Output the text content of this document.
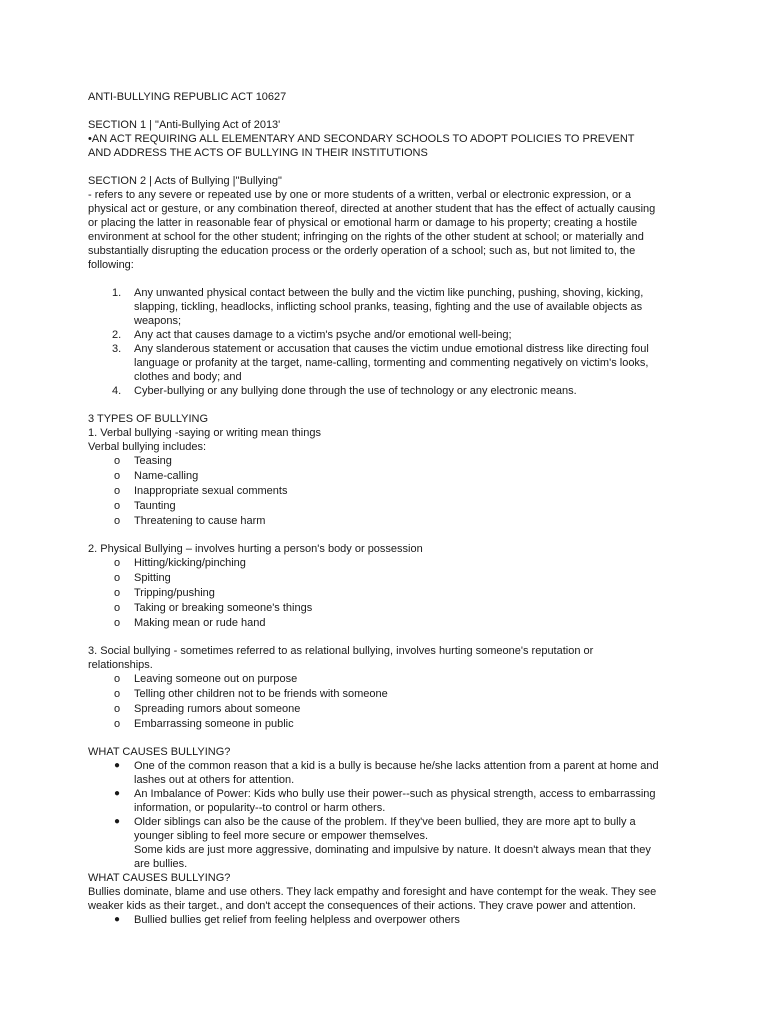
ANTI-BULLYING REPUBLIC ACT 10627
SECTION 1 | "Anti-Bullying Act of 2013'
•AN ACT REQUIRING ALL ELEMENTARY AND SECONDARY SCHOOLS TO ADOPT POLICIES TO PREVENT
AND ADDRESS THE ACTS OF BULLYING IN THEIR INSTITUTIONS
SECTION 2 | Acts of Bullying |"Bullying"
- refers to any severe or repeated use by one or more students of a written, verbal or electronic expression, or a
physical act or gesture, or any combination thereof, directed at another student that has the effect of actually causing
or placing the latter in reasonable fear of physical or emotional harm or damage to his property; creating a hostile
environment at school for the other student; infringing on the rights of the other student at school; or materially and
substantially disrupting the education process or the orderly operation of a school; such as, but not limited to, the
following:
1. Any unwanted physical contact between the bully and the victim like punching, pushing, shoving, kicking,
slapping, tickling, headlocks, inflicting school pranks, teasing, fighting and the use of available objects as
weapons;
2. Any act that causes damage to a victim's psyche and/or emotional well-being;
3. Any slanderous statement or accusation that causes the victim undue emotional distress like directing foul
language or profanity at the target, name-calling, tormenting and commenting negatively on victim's looks,
clothes and body; and
4. Cyber-bullying or any bullying done through the use of technology or any electronic means.
3 TYPES OF BULLYING
1. Verbal bullying -saying or writing mean things
Verbal bullying includes:
o Teasing
o Name-calling
o Inappropriate sexual comments
o Taunting
o Threatening to cause harm
2. Physical Bullying – involves hurting a person's body or possession
o Hitting/kicking/pinching
o Spitting
o Tripping/pushing
o Taking or breaking someone's things
o Making mean or rude hand
3. Social bullying - sometimes referred to as relational bullying, involves hurting someone's reputation or
relationships.
o Leaving someone out on purpose
o Telling other children not to be friends with someone
o Spreading rumors about someone
o Embarrassing someone in public
WHAT CAUSES BULLYING?
● One of the common reason that a kid is a bully is because he/she lacks attention from a parent at home and
lashes out at others for attention.
● An Imbalance of Power: Kids who bully use their power--such as physical strength, access to embarrassing
information, or popularity--to control or harm others.
● Older siblings can also be the cause of the problem. If they've been bullied, they are more apt to bully a
younger sibling to feel more secure or empower themselves.
Some kids are just more aggressive, dominating and impulsive by nature. It doesn't always mean that they
are bullies.
WHAT CAUSES BULLYING?
Bullies dominate, blame and use others. They lack empathy and foresight and have contempt for the weak. They see
weaker kids as their target., and don't accept the consequences of their actions. They crave power and attention.
● Bullied bullies get relief from feeling helpless and overpower others
